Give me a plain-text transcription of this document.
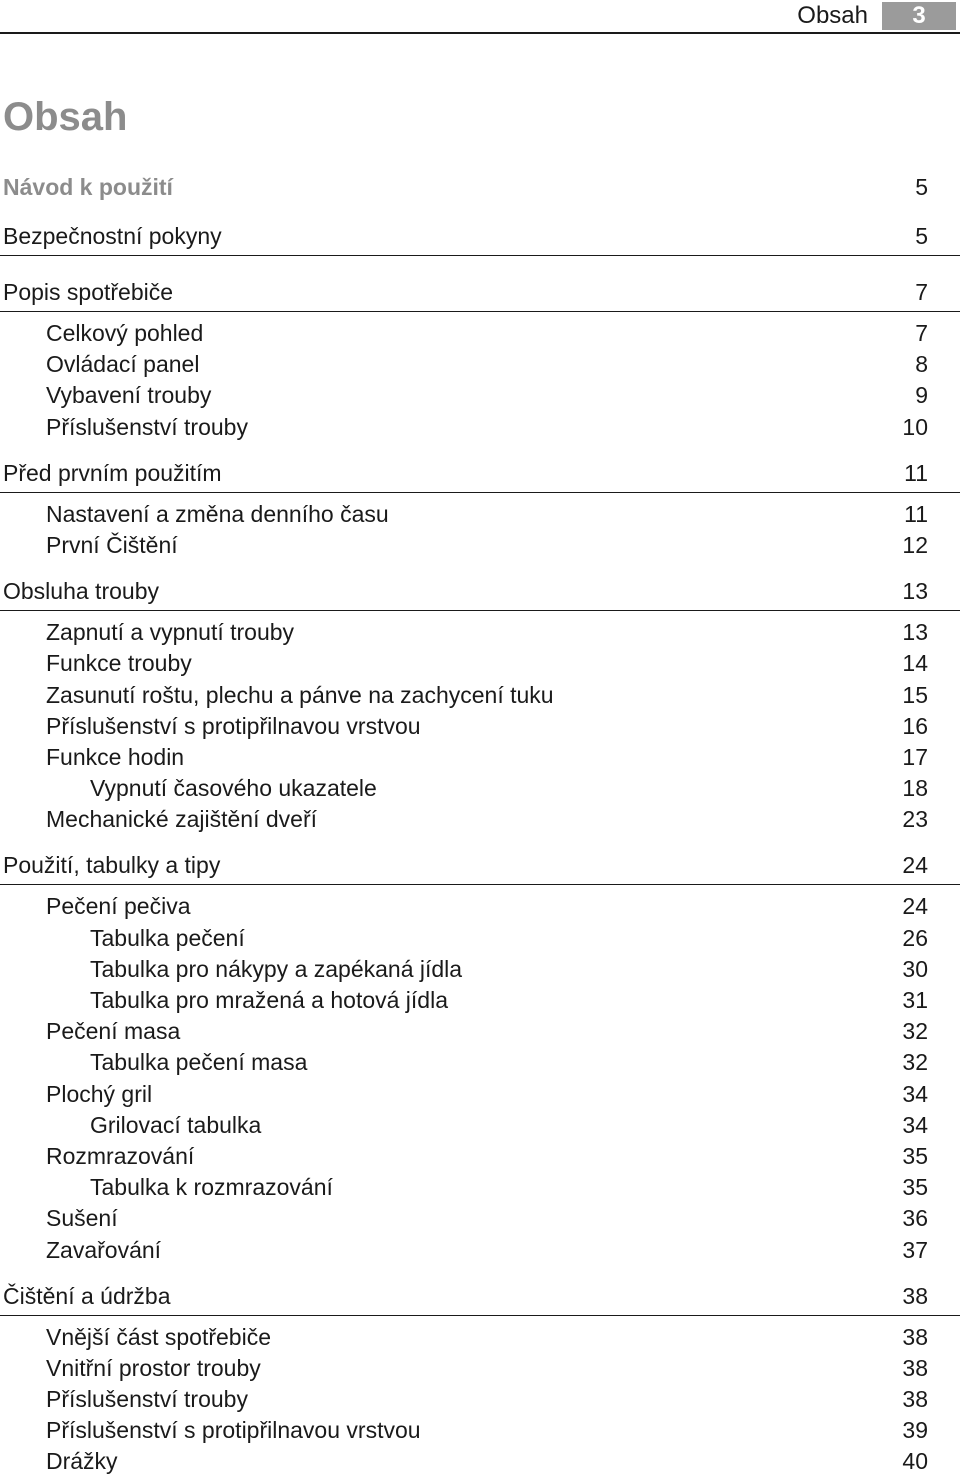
Obsah	3
Obsah
Návod k použití	5
Bezpečnostní pokyny	5
Popis spotřebiče	7
Celkový pohled	7
Ovládací panel	8
Vybavení trouby	9
Příslušenství trouby	10
Před prvním použitím	11
Nastavení a změna denního času	11
První Čištění	12
Obsluha trouby	13
Zapnutí a vypnutí trouby	13
Funkce trouby	14
Zasunutí roštu, plechu a pánve na zachycení tuku	15
Příslušenství s protipřilnavou vrstvou	16
Funkce hodin	17
Vypnutí časového ukazatele	18
Mechanické zajištění dveří	23
Použití, tabulky a tipy	24
Pečení pečiva	24
Tabulka pečení	26
Tabulka pro nákypy a zapékaná jídla	30
Tabulka pro mražená a hotová jídla	31
Pečení masa	32
Tabulka pečení masa	32
Plochý gril	34
Grilovací tabulka	34
Rozmrazování	35
Tabulka k rozmrazování	35
Sušení	36
Zavařování	37
Čištění a údržba	38
Vnější část spotřebiče	38
Vnitřní prostor trouby	38
Příslušenství trouby	38
Příslušenství s protipřilnavou vrstvou	39
Drážky	40
